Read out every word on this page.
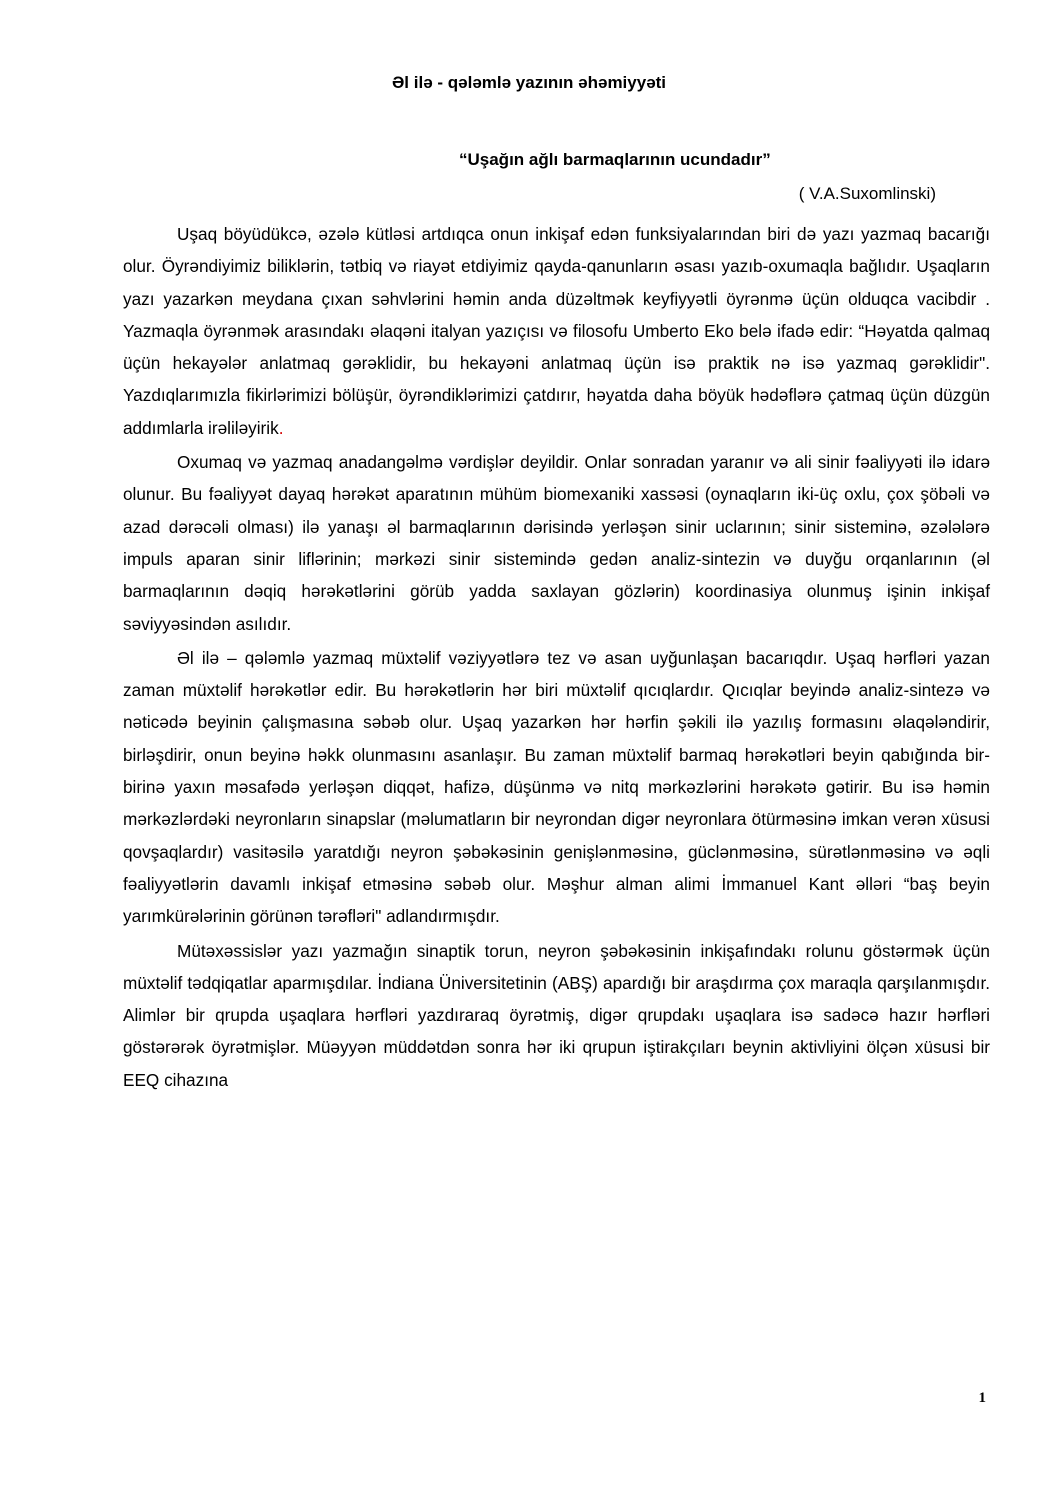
Əl ilə - qələmlə yazının əhəmiyyəti
“Uşağın ağlı barmaqlarının ucundadır”
( V.A.Suxomlinski)

Uşaq böyüdükcə, əzələ kütləsi artdıqca onun inkişaf edən funksiyalarından biri də yazı yazmaq bacarığı olur. Öyrəndiyimiz biliklərin, tətbiq və riayət etdiyimiz qayda-qanunların əsası yazıb-oxumaqla bağlıdır. Uşaqların yazı yazarkən meydana çıxan səhvlərini həmin anda düzəltmək keyfiyyətli öyrənmə üçün olduqca vacibdir . Yazmaqla öyrənmək arasındakı əlaqəni italyan yazıçısı və filosofu Umberto Eko belə ifadə edir: “Həyatda qalmaq üçün hekayələr anlatmaq gərəklidir, bu hekayəni anlatmaq üçün isə praktik nə isə yazmaq gərəklidir". Yazdıqlarımızla fikirlərimizi bölüşür, öyrəndiklərimizi çatdırır, həyatda daha böyük hədəflərə çatmaq üçün düzgün addımlarla irəliləyirik.

Oxumaq və yazmaq anadangəlmə vərdişlər deyildir. Onlar sonradan yaranır və ali sinir fəaliyyəti ilə idarə olunur. Bu fəaliyyət dayaq hərəkət aparatının mühüm biomexaniki xassəsi (oynaqların iki-üç oxlu, çox şöbəli və azad dərəcəli olması) ilə yanaşı əl barmaqlarının dərisində yerləşən sinir uclarının; sinir sisteminə, əzələlərə impuls aparan sinir liflərinin; mərkəzi sinir sistemində gedən analiz-sintezin və duyğu orqanlarının (əl barmaqlarının dəqiq hərəkətlərini görüb yadda saxlayan gözlərin) koordinasiya olunmuş işinin inkişaf səviyyəsindən asılıdır.

Əl ilə – qələmlə yazmaq müxtəlif vəziyyətlərə tez və asan uyğunlaşan bacarıqdır. Uşaq hərfləri yazan zaman müxtəlif hərəkətlər edir. Bu hərəkətlərin hər biri müxtəlif qıcıqlardır. Qıcıqlar beyində analiz-sintezə və nəticədə beyinin çalışmasına səbəb olur. Uşaq yazarkən hər hərfin şəkili ilə yazılış formasını əlaqələndirir, birləşdirir, onun beyinə həkk olunmasını asanlaşır. Bu zaman müxtəlif barmaq hərəkətləri beyin qabığında bir-birinə yaxın məsafədə yerləşən diqqət, hafizə, düşünmə və nitq mərkəzlərini hərəkətə gətirir. Bu isə həmin mərkəzlərdəki neyronların sinapslar (məlumatların bir neyrondan digər neyronlara ötürməsinə imkan verən xüsusi qovşaqlardır) vasitəsilə yaratdığı neyron şəbəkəsinin genişlənməsinə, güclənməsinə, sürətlənməsinə və əqli fəaliyyətlərin davamlı inkişaf etməsinə səbəb olur. Məşhur alman alimi İmmanuel Kant əlləri “baş beyin yarımkürələrinin görünən tərəfləri" adlandırmışdır.

Mütəxəssislər yazı yazmağın sinaptik torun, neyron şəbəkəsinin inkişafındakı rolunu göstərmək üçün müxtəlif tədqiqatlar aparmışdılar. İndiana Ünivеrsitеtinin (ABŞ) apardığı bir araşdırma çox maraqla qarşılanmışdır. Alimlər bir qrupda uşaqlara hərfləri yazdıraraq öyrətmiş, digər qrupdakı uşaqlara isə sadəcə hazır hərfləri göstərərək öyrətmişlər. Müəyyən müddətdən sonra hər iki qrupun iştirakçıları beynin aktivliyini ölçən xüsusi bir EEQ cihazına

1
